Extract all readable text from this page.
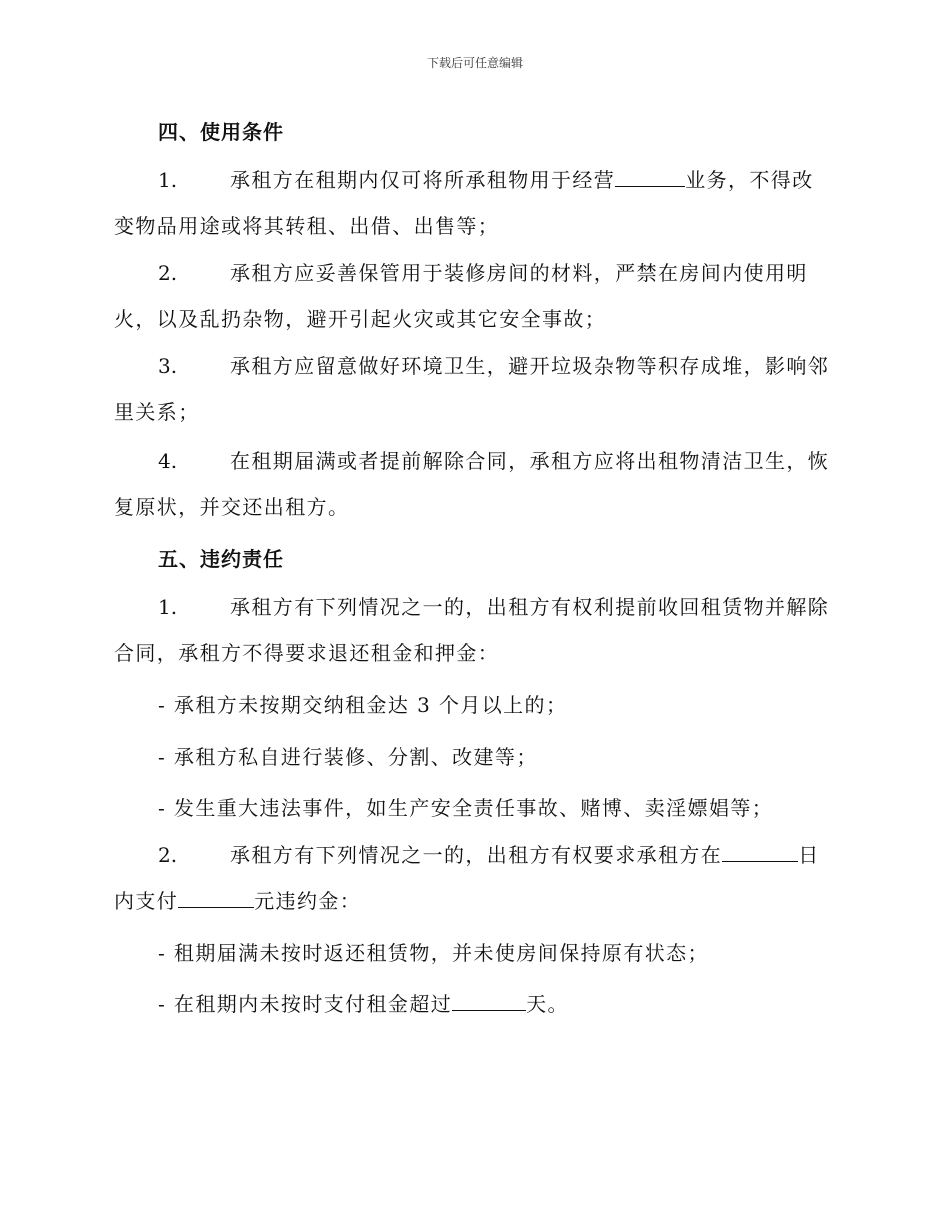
下载后可任意编辑
四、使用条件
1.	承租方在租期内仅可将所承租物用于经营	业务，不得改变物品用途或将其转租、出借、出售等；
2.	承租方应妥善保管用于装修房间的材料，严禁在房间内使用明火，以及乱扔杂物，避开引起火灾或其它安全事故；
3.	承租方应留意做好环境卫生，避开垃圾杂物等积存成堆，影响邻里关系；
4.	在租期届满或者提前解除合同，承租方应将出租物清洁卫生，恢复原状，并交还出租方。
五、违约责任
1.	承租方有下列情况之一的，出租方有权利提前收回租赁物并解除合同，承租方不得要求退还租金和押金：
- 承租方未按期交纳租金达 3 个月以上的；
- 承租方私自进行装修、分割、改建等；
- 发生重大违法事件，如生产安全责任事故、赌博、卖淫嫖娼等；
2.	承租方有下列情况之一的，出租方有权要求承租方在	日内支付	元违约金：
- 租期届满未按时返还租赁物，并未使房间保持原有状态；
- 在租期内未按时支付租金超过	天。
